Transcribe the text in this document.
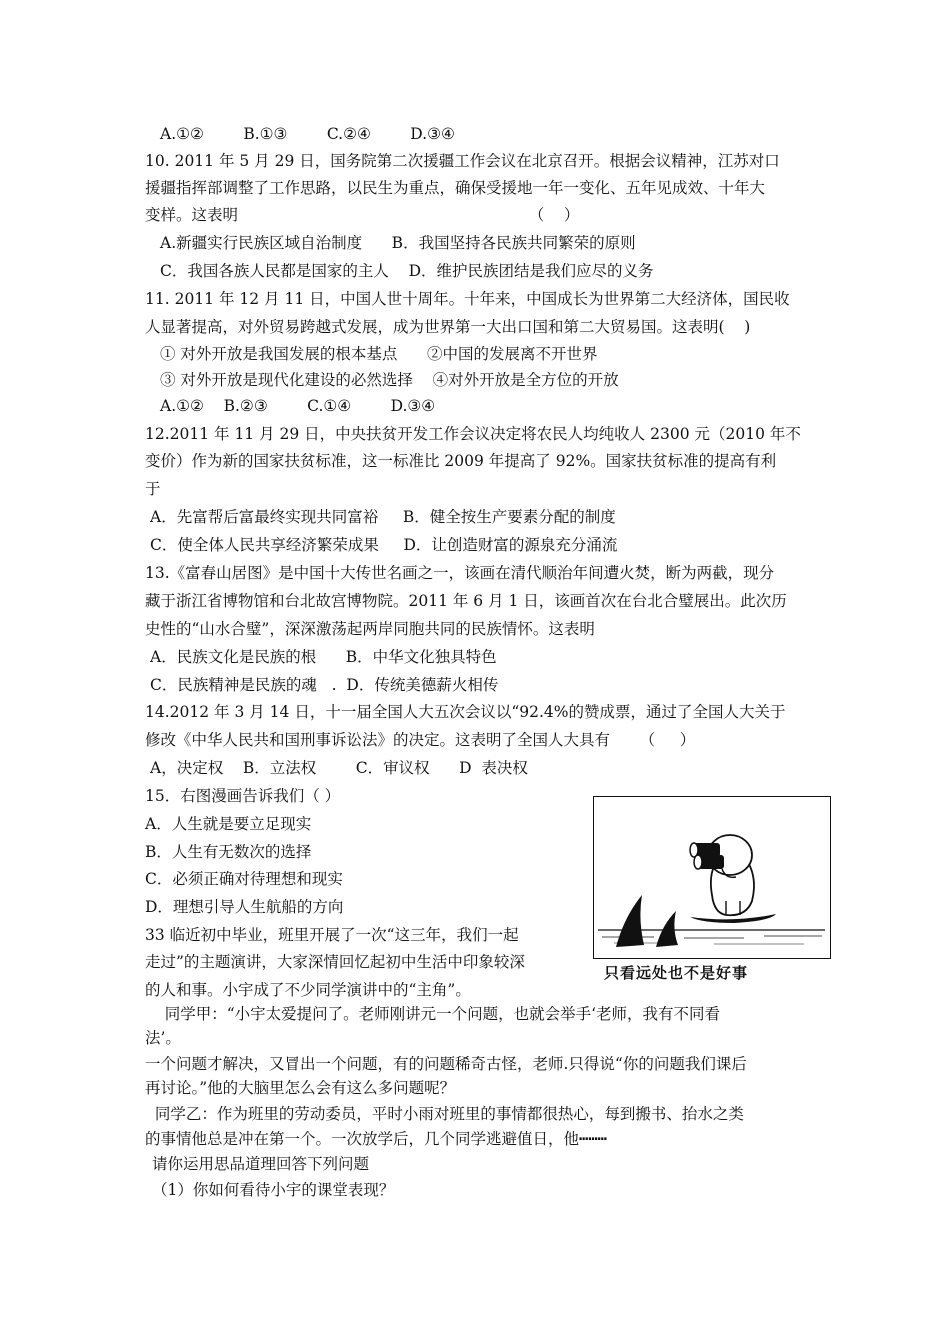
A.①②        B.①③        C.②④        D.③④
10. 2011 年 5 月 29 日，国务院第二次援疆工作会议在北京召开。根据会议精神，江苏对口
援疆指挥部调整了工作思路，以民生为重点，确保受援地一年一变化、五年见成效、十年大
变样。这表明                                                           （    ）
A.新疆实行民族区域自治制度      B．我国坚持各民族共同繁荣的原则
C．我国各族人民都是国家的主人    D．维护民族团结是我们应尽的义务
11. 2011 年 12 月 11 日，中国人世十周年。十年来，中国成长为世界第二大经济体，国民收
人显著提高，对外贸易跨越式发展，成为世界第一大出口国和第二大贸易国。这表明(    )
① 对外开放是我国发展的根本基点      ②中国的发展离不开世界
③ 对外开放是现代化建设的必然选择    ④对外开放是全方位的开放
A.①②    B.②③        C.①④        D.③④
12.2011 年 11 月 29 日，中央扶贫开发工作会议决定将农民人均纯收人 2300 元（2010 年不
变价）作为新的国家扶贫标准，这一标准比 2009 年提高了 92%。国家扶贫标准的提高有利
于
A．先富帮后富最终实现共同富裕     B．健全按生产要素分配的制度
C．使全体人民共享经济繁荣成果     D．让创造财富的源泉充分涌流
13.《富春山居图》是中国十大传世名画之一，该画在清代顺治年间遭火焚，断为两截，现分
藏于浙江省博物馆和台北故宫博物院。2011 年 6 月 1 日，该画首次在台北合璧展出。此次历
史性的“山水合璧”，深深激荡起两岸同胞共同的民族情怀。这表明
A．民族文化是民族的根      B．中华文化独具特色
C．民族精神是民族的魂   .  D．传统美德薪火相传
14.2012 年 3 月 14 日，十一届全国人大五次会议以“92.4%的赞成票，通过了全国人大关于
修改《中华人民共和国刑事诉讼法》的决定。这表明了全国人大具有      （     ）
A，决定权    B．立法权        C．审议权      D  表决权
15．右图漫画告诉我们（ ）
A．人生就是要立足现实
B．人生有无数次的选择
C．必须正确对待理想和现实
D．理想引导人生航船的方向
只看远处也不是好事
33 临近初中毕业，班里开展了一次“这三年，我们一起
走过”的主题演讲，大家深情回忆起初中生活中印象较深
的人和事。小宇成了不少同学演讲中的“主角”。
同学甲：“小宇太爱提问了。老师刚讲元一个问题，也就会举手‘老师，我有不同看
法’。
一个问题才解决，又冒出一个问题，有的问题稀奇古怪，老师.只得说“你的问题我们课后
再讨论。”他的大脑里怎么会有这么多问题呢？
同学乙：作为班里的劳动委员，平时小雨对班里的事情都很热心，每到搬书、抬水之类
的事情他总是冲在第一个。一次放学后，几个同学逃避值日，他┅┅┅
请你运用思品道理回答下列问题
（1）你如何看待小宇的课堂表现？
